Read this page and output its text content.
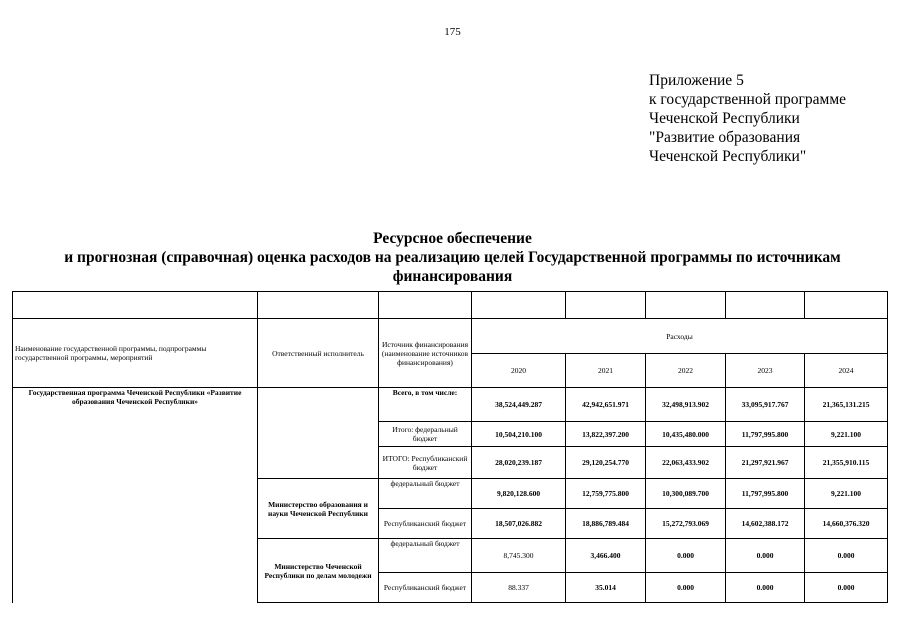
175
Приложение 5
к государственной программе
Чеченской Республики
"Развитие образования
Чеченской Республики"
Ресурсное обеспечение
и прогнозная (справочная) оценка расходов на реализацию целей Государственной программы по источникам
финансирования

Наименование государственной программы, подпрограммы государственной программы, мероприятий	Ответственный исполнитель	Источник финансирования (наименование источников финансирования)	Расходы				
			2020	2021	2022	2023	2024
Государственная программа Чеченской Республики «Развитие образования Чеченской Республики»		Всего, в том числе:	38,524,449.287	42,942,651.971	32,498,913.902	33,095,917.767	21,365,131.215
		Итого: федеральный бюджет	10,504,210.100	13,822,397.200	10,435,480.000	11,797,995.800	9,221.100
		ИТОГО: Республиканский бюджет	28,020,239.187	29,120,254.770	22,063,433.902	21,297,921.967	21,355,910.115
	Министерство образования и науки Чеченской Республики	федеральный бюджет	9,820,128.600	12,759,775.800	10,300,089.700	11,797,995.800	9,221.100
		Республиканский бюджет	18,507,026.882	18,886,789.484	15,272,793.069	14,602,388.172	14,660,376.320
	Министерство Чеченской Республики по делам молодежи	федеральный бюджет	8,745.300	3,466.400	0.000	0.000	0.000
		Республиканский бюджет	88.337	35.014	0.000	0.000	0.000
